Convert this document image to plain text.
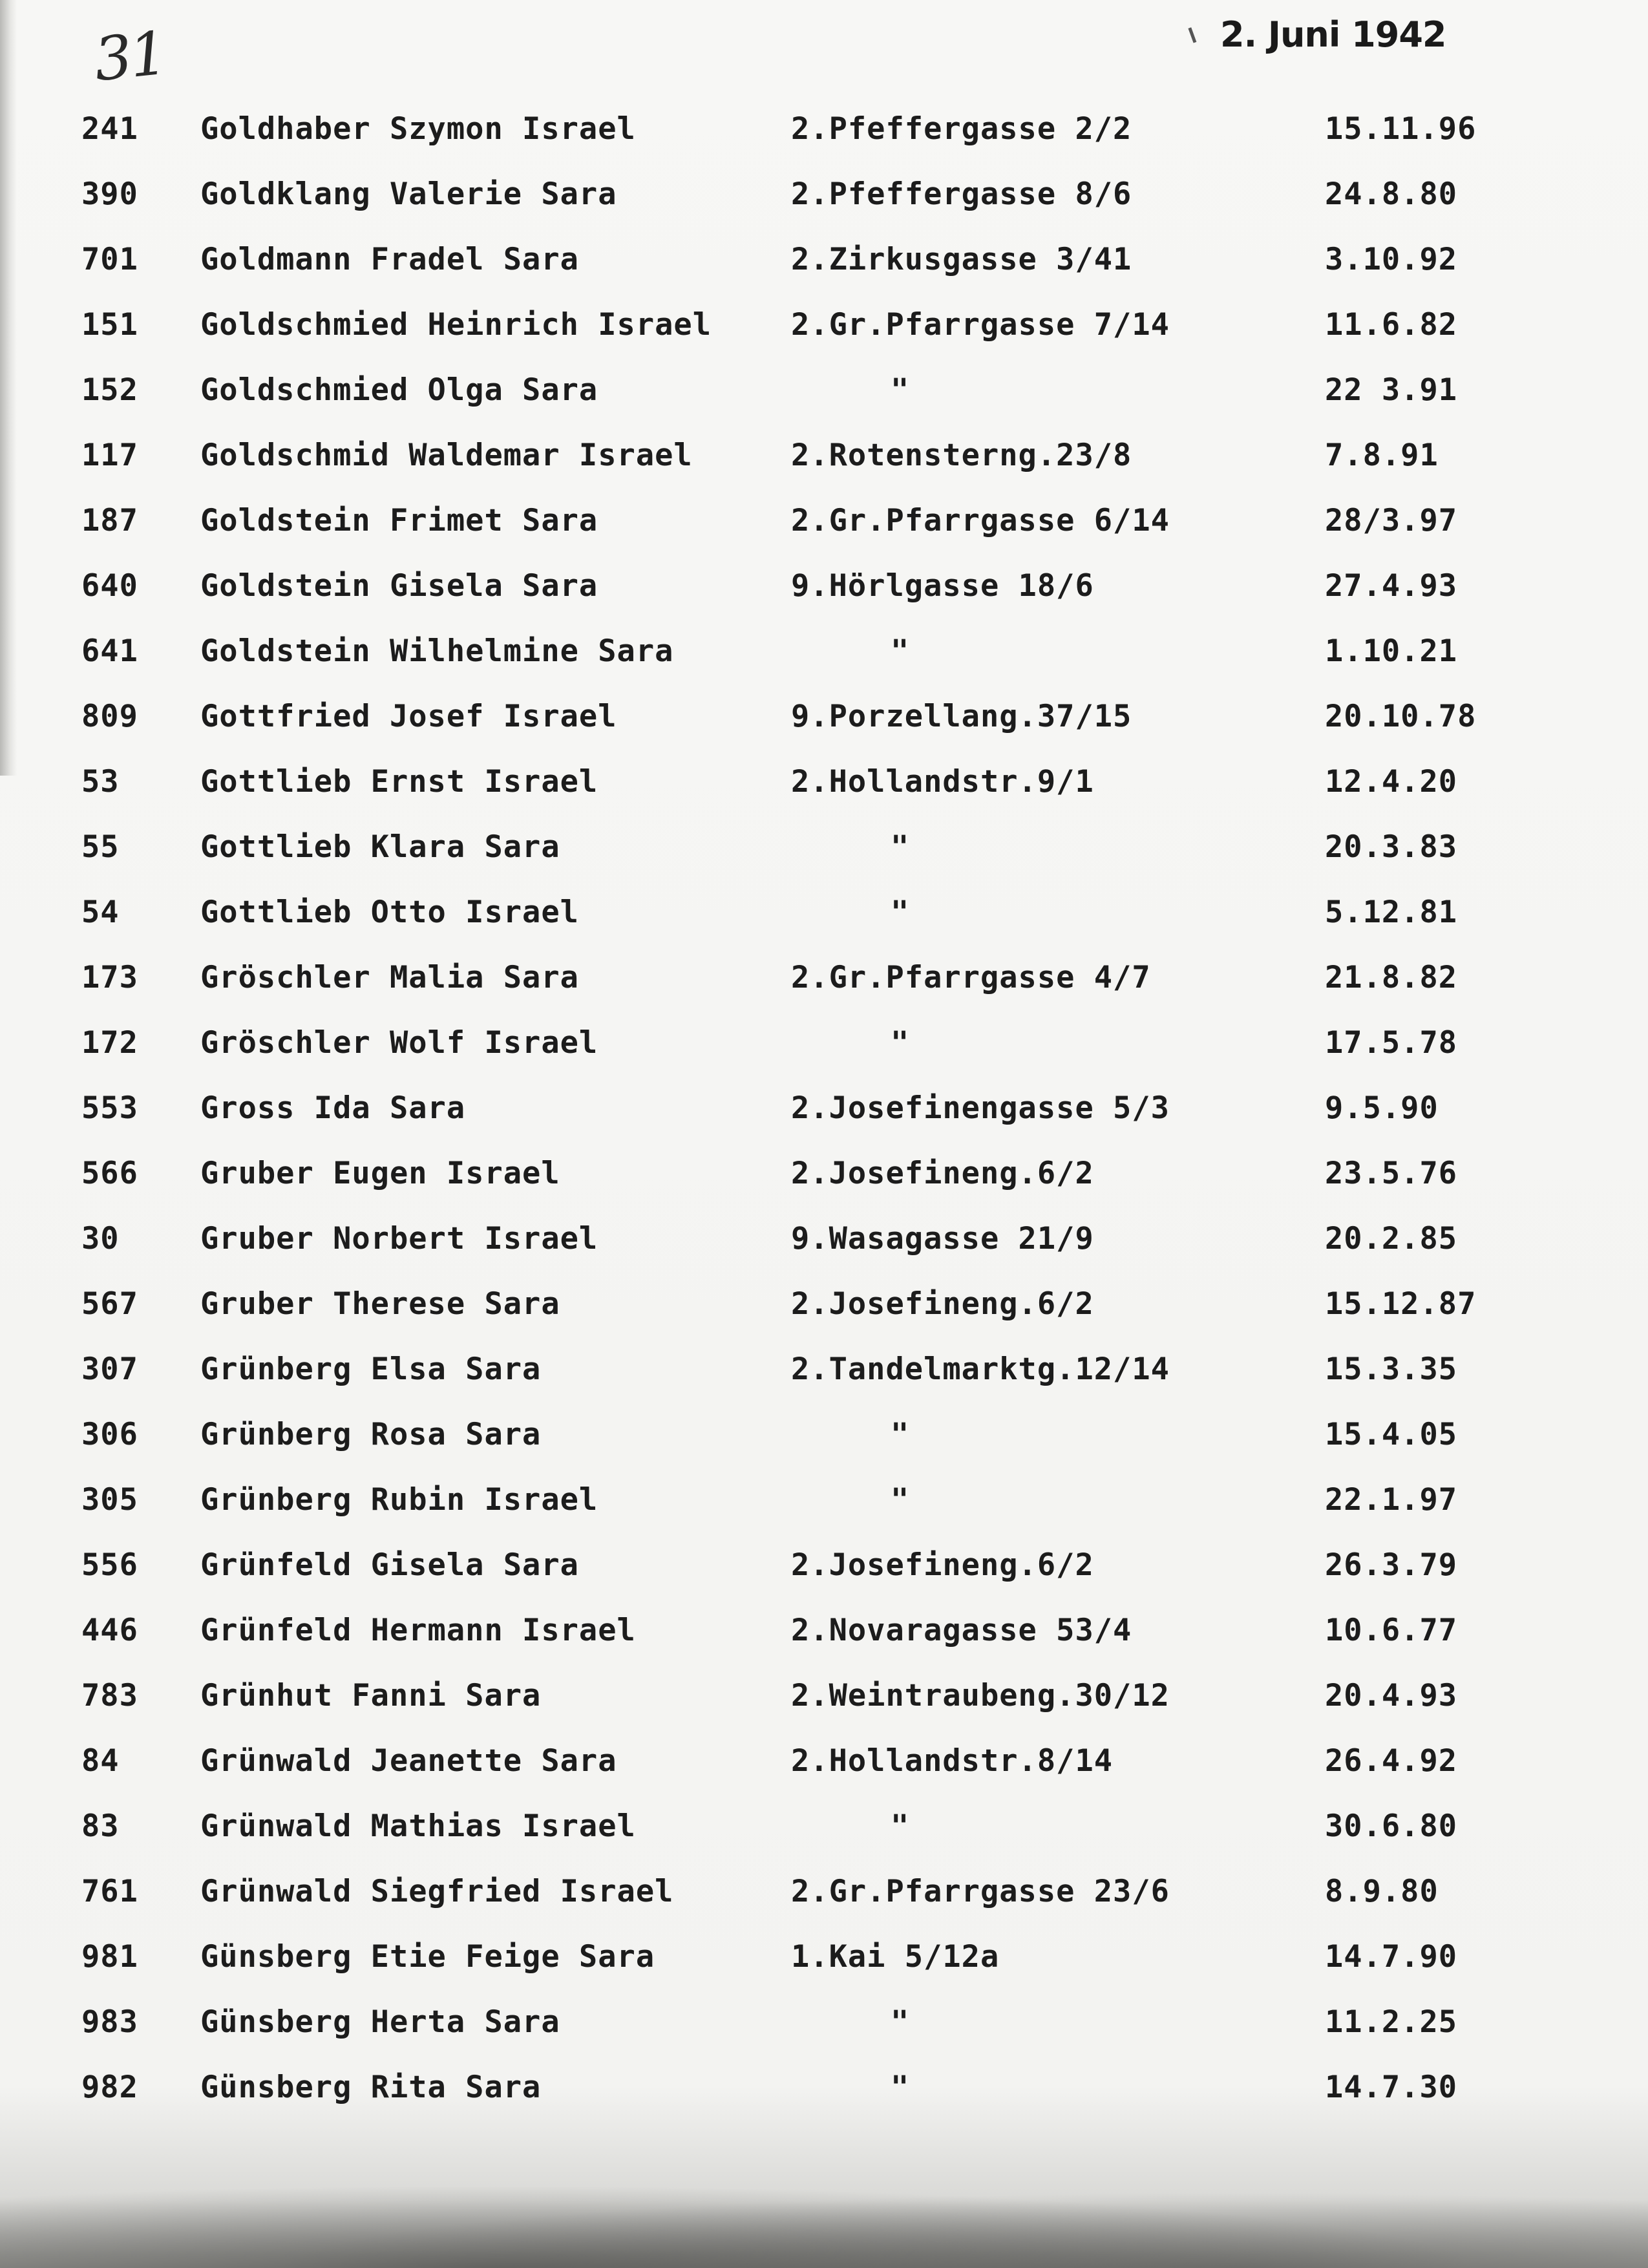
31	2. Juni 1942
241 Goldhaber Szymon Israel	2.Pfeffergasse 2/2	15.11.96
390 Goldklang Valerie Sara	2.Pfeffergasse 8/6	24.8.80
701 Goldmann Fradel Sara	2.Zirkusgasse 3/41	3.10.92
151 Goldschmied Heinrich Israel	2.Gr.Pfarrgasse 7/14	11.6.82
152 Goldschmied Olga Sara	"	22 3.91
117 Goldschmid Waldemar Israel	2.Rotensterng.23/8	7.8.91
187 Goldstein Frimet Sara	2.Gr.Pfarrgasse 6/14	28/3.97
640 Goldstein Gisela Sara	9.Hörlgasse 18/6	27.4.93
641 Goldstein Wilhelmine Sara	"	1.10.21
809 Gottfried Josef Israel	9.Porzellang.37/15	20.10.78
53	Gottlieb Ernst Israel	2.Hollandstr.9/1	12.4.20
55	Gottlieb Klara Sara	"	20.3.83
54	Gottlieb Otto Israel	"	5.12.81
173 Gröschler Malia Sara	2.Gr.Pfarrgasse 4/7	21.8.82
172 Gröschler Wolf Israel	"	17.5.78
553 Gross Ida Sara	2.Josefinengasse 5/3	9.5.90
566 Gruber Eugen Israel	2.Josefineng.6/2	23.5.76
30	Gruber Norbert Israel	9.Wasagasse 21/9	20.2.85
567 Gruber Therese Sara	2.Josefineng.6/2	15.12.87
307 Grünberg Elsa Sara	2.Tandelmarktg.12/14	15.3.35
306 Grünberg Rosa Sara	"	15.4.05
305 Grünberg Rubin Israel	"	22.1.97
556 Grünfeld Gisela Sara	2.Josefineng.6/2	26.3.79
446 Grünfeld Hermann Israel	2.Novaragasse 53/4	10.6.77
783 Grünhut Fanni Sara	2.Weintraubeng.30/12	20.4.93
84	Grünwald Jeanette Sara	2.Hollandstr.8/14	26.4.92
83	Grünwald Mathias Israel	"	30.6.80
761 Grünwald Siegfried Israel	2.Gr.Pfarrgasse 23/6	8.9.80
981 Günsberg Etie Feige Sara	1.Kai 5/12a	14.7.90
983 Günsberg Herta Sara	"	11.2.25
982 Günsberg Rita Sara	"	14.7.30
